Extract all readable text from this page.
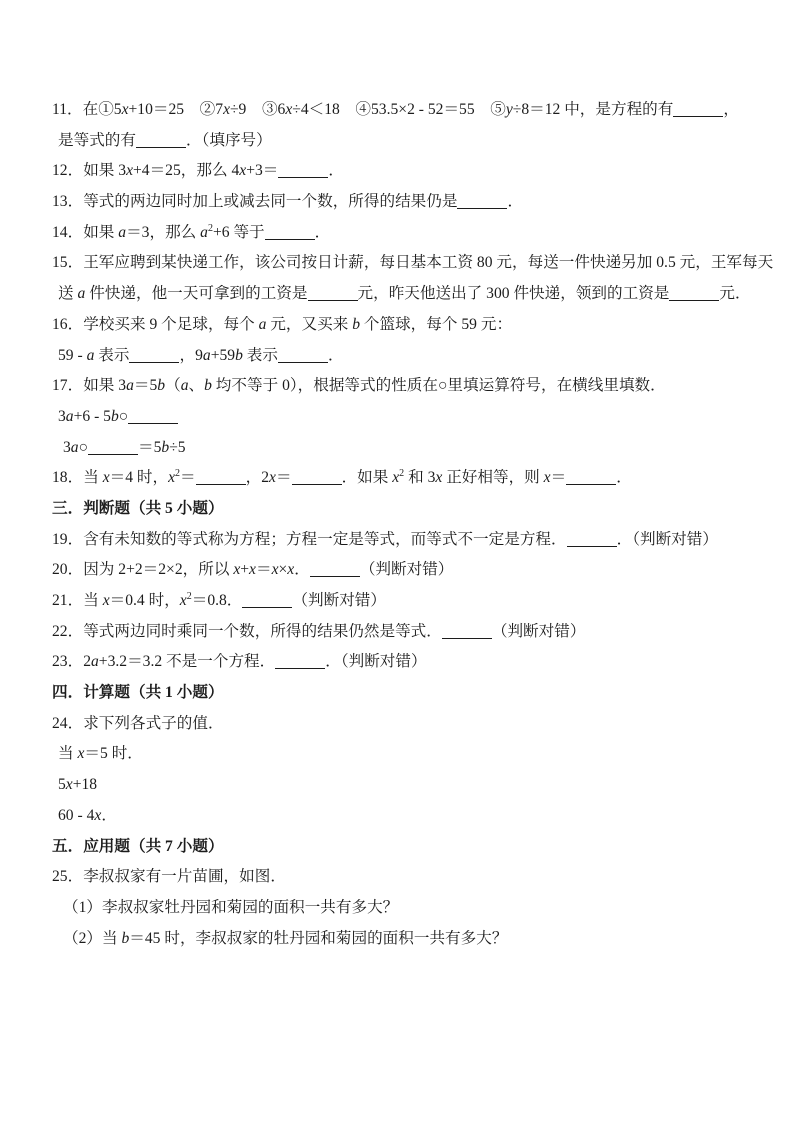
11．在①5x+10＝25　②7x÷9　③6x÷4＜18　④53.5×2 - 52＝55　⑤y÷8＝12 中，是方程的有	，
是等式的有	．（填序号）
12．如果 3x+4＝25，那么 4x+3＝	．
13．等式的两边同时加上或减去同一个数，所得的结果仍是	．
14．如果 a＝3，那么 $a^2+6$ 等于	．
15．王军应聘到某快递工作，该公司按日计薪，每日基本工资 80 元，每送一件快递另加 0.5 元，王军每天
送 a 件快递，他一天可拿到的工资是	元，昨天他送出了 300 件快递，领到的工资是	元．
16．学校买来 9 个足球，每个 a 元，又买来 b 个篮球，每个 59 元：
59 - a 表示	，9a+59b 表示	．
17．如果 3a＝5b（a、b 均不等于 0），根据等式的性质在○里填运算符号，在横线里填数．
3a+6 - 5b○
3a○	＝5b÷5
18．当 x＝4 时，$x^2=$	，2x＝	．如果 $x^2$ 和 3x 正好相等，则 x＝	．
三．判断题（共 5 小题）
19．含有未知数的等式称为方程；方程一定是等式，而等式不一定是方程．	．（判断对错）
20．因为 2+2＝2×2，所以 x+x＝x×x．	（判断对错）
21．当 x＝0.4 时，$x^2=0.8$．	（判断对错）
22．等式两边同时乘同一个数，所得的结果仍然是等式．	（判断对错）
23．2a+3.2＝3.2 不是一个方程．	．（判断对错）
四．计算题（共 1 小题）
24．求下列各式子的值．
当 x＝5 时．
5x+18
60 - 4x．
五．应用题（共 7 小题）
25．李叔叔家有一片苗圃，如图．
（1）李叔叔家牡丹园和菊园的面积一共有多大？
（2）当 b＝45 时，李叔叔家的牡丹园和菊园的面积一共有多大？
